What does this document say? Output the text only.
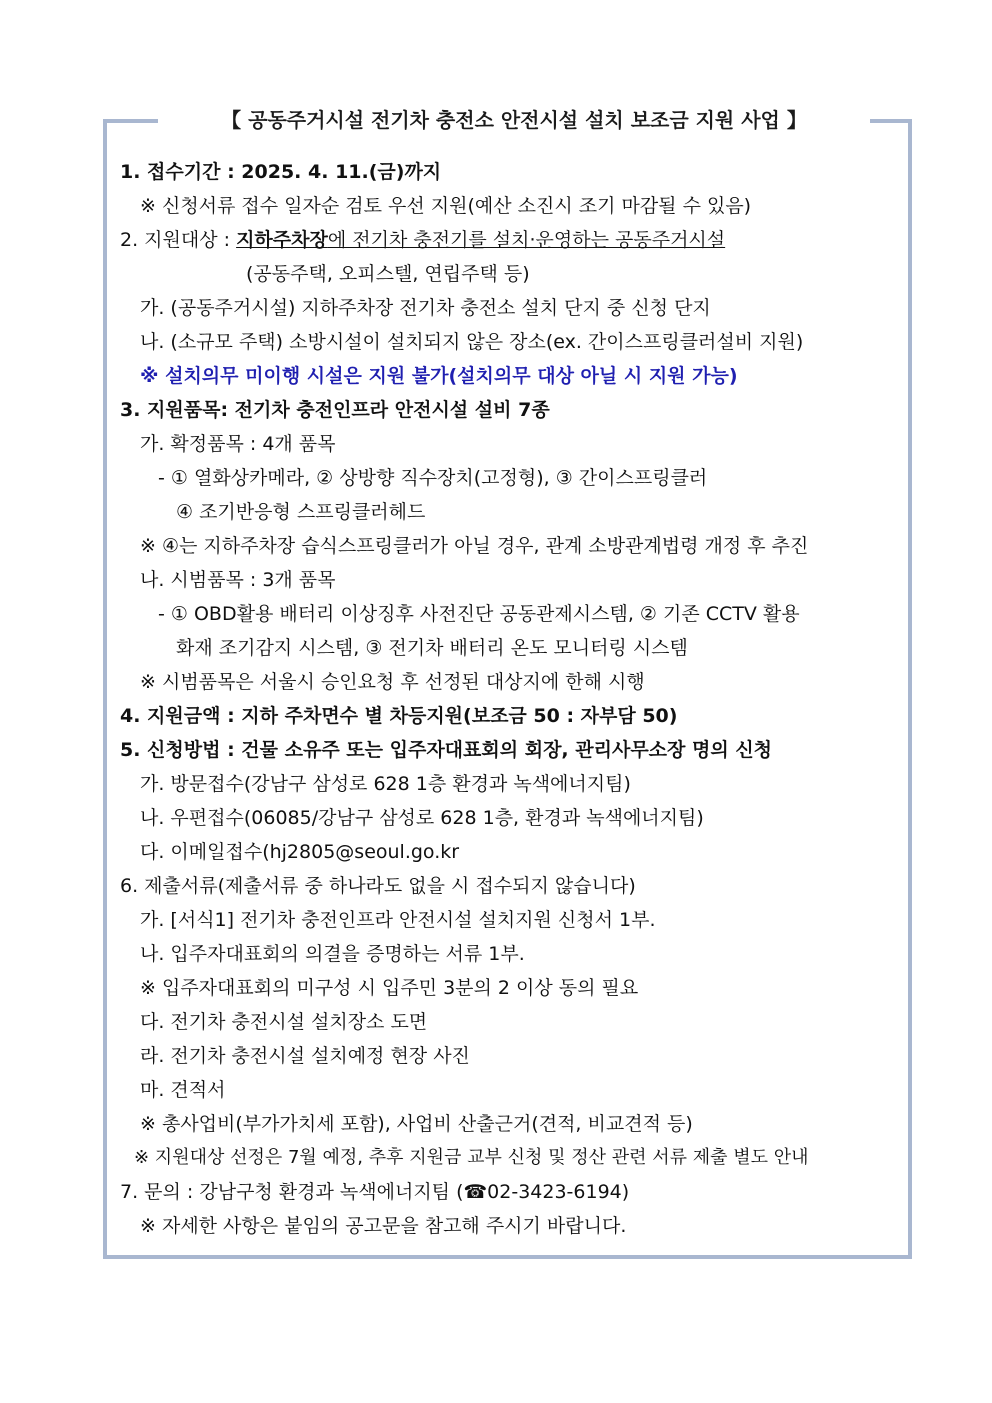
【 공동주거시설 전기차 충전소 안전시설 설치 보조금 지원 사업 】
1. 접수기간 : 2025. 4. 11.(금)까지
※ 신청서류 접수 일자순 검토 우선 지원(예산 소진시 조기 마감될 수 있음)
2. 지원대상 : 지하주차장에 전기차 충전기를 설치·운영하는 공동주거시설
(공동주택, 오피스텔, 연립주택 등)
가. (공동주거시설) 지하주차장 전기차 충전소 설치 단지 중 신청 단지
나. (소규모 주택) 소방시설이 설치되지 않은 장소(ex. 간이스프링클러설비 지원)
※ 설치의무 미이행 시설은 지원 불가(설치의무 대상 아닐 시 지원 가능)
3. 지원품목: 전기차 충전인프라 안전시설 설비 7종
가. 확정품목 : 4개 품목
- ① 열화상카메라, ② 상방향 직수장치(고정형), ③ 간이스프링클러
④ 조기반응형 스프링클러헤드
※ ④는 지하주차장 습식스프링클러가 아닐 경우, 관계 소방관계법령 개정 후 추진
나. 시범품목 : 3개 품목
- ① OBD활용 배터리 이상징후 사전진단 공동관제시스템, ② 기존 CCTV 활용
화재 조기감지 시스템, ③ 전기차 배터리 온도 모니터링 시스템
※ 시범품목은 서울시 승인요청 후 선정된 대상지에 한해 시행
4. 지원금액 : 지하 주차면수 별 차등지원(보조금 50 : 자부담 50)
5. 신청방법 : 건물 소유주 또는 입주자대표회의 회장, 관리사무소장 명의 신청
가. 방문접수(강남구 삼성로 628 1층 환경과 녹색에너지팀)
나. 우편접수(06085/강남구 삼성로 628 1층, 환경과 녹색에너지팀)
다. 이메일접수(hj2805@seoul.go.kr
6. 제출서류(제출서류 중 하나라도 없을 시 접수되지 않습니다)
가. [서식1] 전기차 충전인프라 안전시설 설치지원 신청서 1부.
나. 입주자대표회의 의결을 증명하는 서류 1부.
※ 입주자대표회의 미구성 시 입주민 3분의 2 이상 동의 필요
다. 전기차 충전시설 설치장소 도면
라. 전기차 충전시설 설치예정 현장 사진
마. 견적서
※ 총사업비(부가가치세 포함), 사업비 산출근거(견적, 비교견적 등)
※ 지원대상 선정은 7월 예정, 추후 지원금 교부 신청 및 정산 관련 서류 제출 별도 안내
7. 문의 : 강남구청 환경과 녹색에너지팀 (☎02-3423-6194)
※ 자세한 사항은 붙임의 공고문을 참고해 주시기 바랍니다.
